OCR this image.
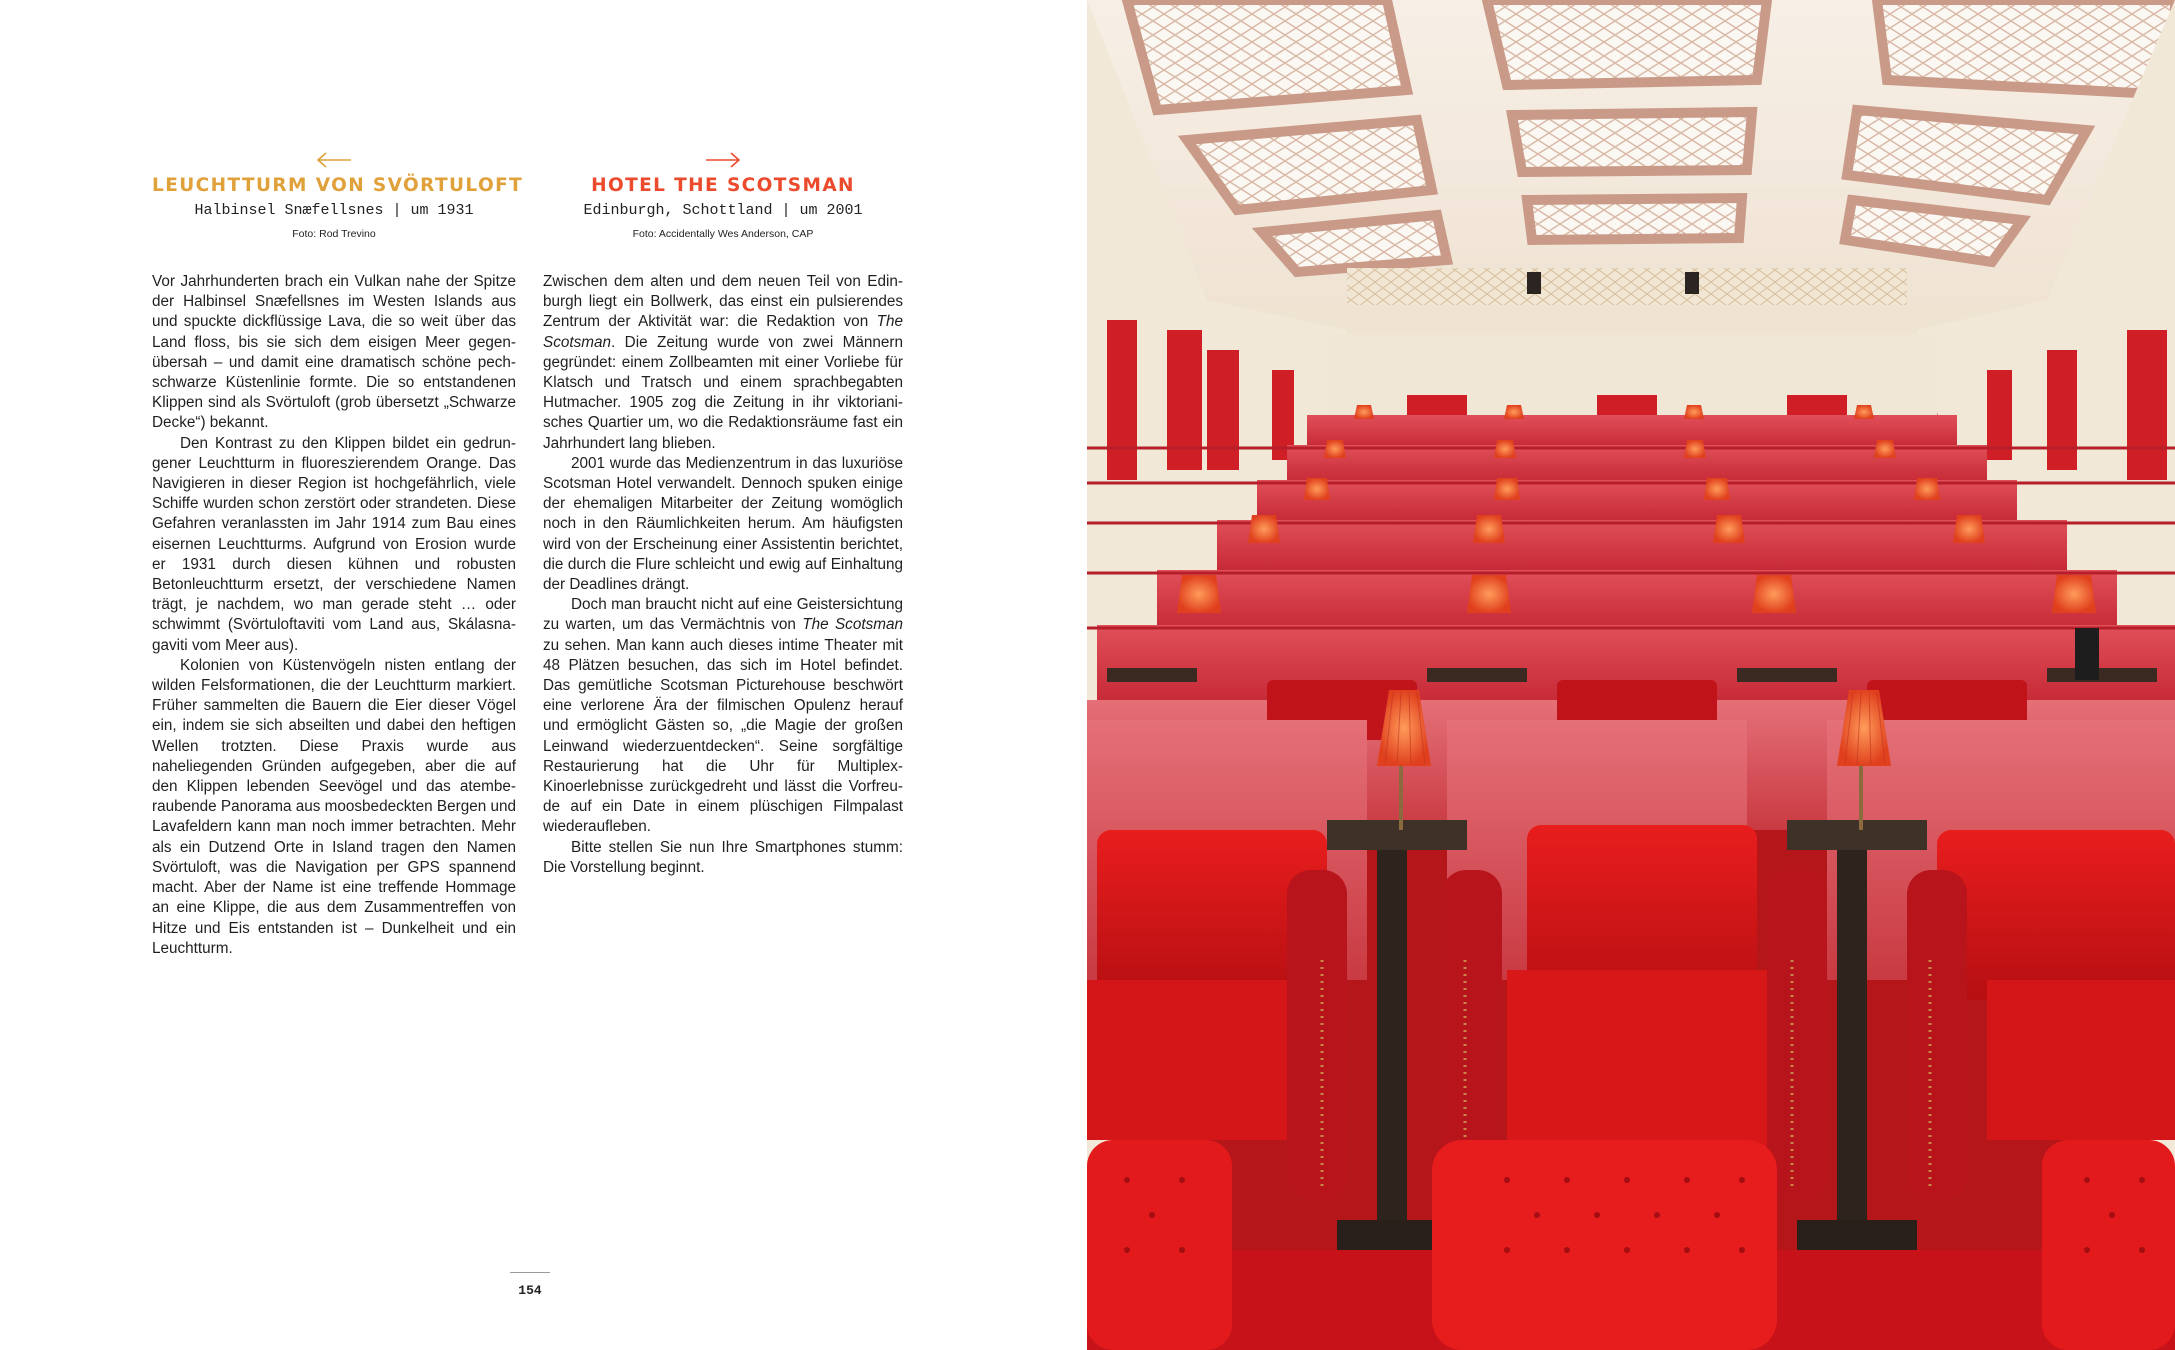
LEUCHTTURM VON SVÖRTULOFT
Halbinsel Snæfellsnes | um 1931
Foto: Rod Trevino

Vor Jahrhunderten brach ein Vulkan nahe der Spitze der Halbinsel Snæfellsnes im Westen Islands aus und spuckte dickflüssige Lava, die so weit über das Land floss, bis sie sich dem eisigen Meer gegenübersah – und damit eine dramatisch schöne pechschwarze Küstenlinie formte. Die so entstandenen Klippen sind als Svörtuloft (grob übersetzt „Schwarze Decke“) bekannt.

Den Kontrast zu den Klippen bildet ein gedrungener Leuchtturm in fluoreszierendem Orange. Das Navigieren in dieser Region ist hochgefährlich, viele Schiffe wurden schon zerstört oder strandeten. Diese Gefahren veranlassten im Jahr 1914 zum Bau eines eisernen Leuchtturms. Aufgrund von Erosion wurde er 1931 durch diesen kühnen und robusten Betonleuchtturm ersetzt, der verschiedene Namen trägt, je nachdem, wo man gerade steht … oder schwimmt (Svörtuloftaviti vom Land aus, Skálasnagaviti vom Meer aus).

Kolonien von Küstenvögeln nisten entlang der wilden Felsformationen, die der Leuchtturm markiert. Früher sammelten die Bauern die Eier dieser Vögel ein, indem sie sich abseilten und dabei den heftigen Wellen trotzten. Diese Praxis wurde aus naheliegenden Gründen aufgegeben, aber die auf den Klippen lebenden Seevögel und das atemberaubende Panorama aus moosbedeckten Bergen und Lavafeldern kann man noch immer betrachten. Mehr als ein Dutzend Orte in Island tragen den Namen Svörtuloft, was die Navigation per GPS spannend macht. Aber der Name ist eine treffende Hommage an eine Klippe, die aus dem Zusammentreffen von Hitze und Eis entstanden ist – Dunkelheit und ein Leuchtturm.

HOTEL THE SCOTSMAN
Edinburgh, Schottland | um 2001
Foto: Accidentally Wes Anderson, CAP

Zwischen dem alten und dem neuen Teil von Edinburgh liegt ein Bollwerk, das einst ein pulsierendes Zentrum der Aktivität war: die Redaktion von The Scotsman. Die Zeitung wurde von zwei Männern gegründet: einem Zollbeamten mit einer Vorliebe für Klatsch und Tratsch und einem sprachbegabten Hutmacher. 1905 zog die Zeitung in ihr viktorianisches Quartier um, wo die Redaktionsräume fast ein Jahrhundert lang blieben.

2001 wurde das Medienzentrum in das luxuriöse Scotsman Hotel verwandelt. Dennoch spuken einige der ehemaligen Mitarbeiter der Zeitung womöglich noch in den Räumlichkeiten herum. Am häufigsten wird von der Erscheinung einer Assistentin berichtet, die durch die Flure schleicht und ewig auf Einhaltung der Deadlines drängt.

Doch man braucht nicht auf eine Geistersichtung zu warten, um das Vermächtnis von The Scotsman zu sehen. Man kann auch dieses intime Theater mit 48 Plätzen besuchen, das sich im Hotel befindet. Das gemütliche Scotsman Picturehouse beschwört eine verlorene Ära der filmischen Opulenz herauf und ermöglicht Gästen so, „die Magie der großen Leinwand wiederzuentdecken“. Seine sorgfältige Restaurierung hat die Uhr für Multiplex-Kinoerlebnisse zurückgedreht und lässt die Vorfreude auf ein Date in einem plüschigen Filmpalast wiederaufleben.

Bitte stellen Sie nun Ihre Smartphones stumm: Die Vorstellung beginnt.

154
